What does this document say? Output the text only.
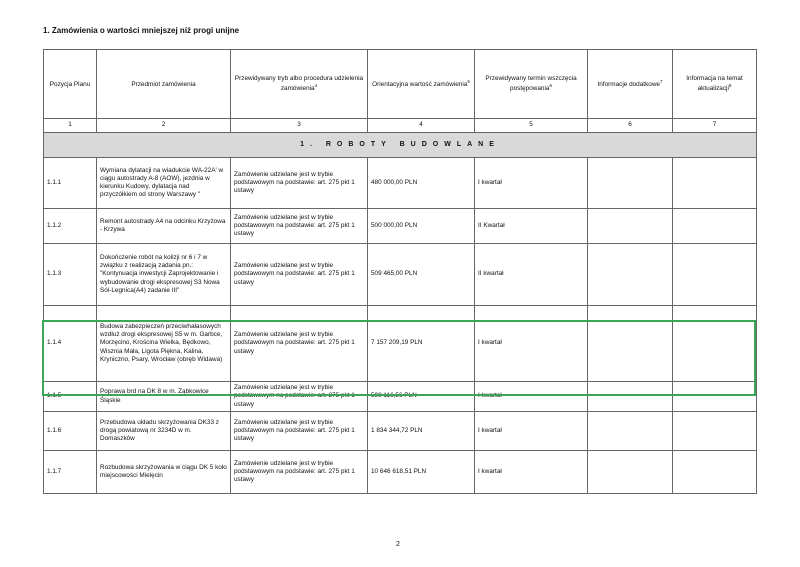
1. Zamówienia o wartości mniejszej niż progi unijne
Pozycja Planu	Przedmiot zamówienia	Przewidywany tryb albo procedura udzielenia zamówienia$^4$	Orientacyjna wartość zamówienia$^5$	Przewidywany termin wszczęcia postępowania$^6$	Informacje dodatkowe$^7$	Informacja na temat aktualizacji$^8$
1	2	3	4	5	6	7
1. ROBOTY BUDOWLANE						
1.1.1	Wymiana dylatacji na wiadukcie WA-22A' w ciągu autostrady A-8 (AOW), jezdnia w kierunku Kudowy, dylatacja nad przyczółkiem od strony Warszawy "	Zamówienie udzielane jest w trybie podstawowym na podstawie: art. 275 pkt 1 ustawy	480 000,00 PLN	I kwartał		
1.1.2	Remont autostrady A4 na odcinku Krzyżowa - Krzywa	Zamówienie udzielane jest w trybie podstawowym na podstawie: art. 275 pkt 1 ustawy	500 000,00 PLN	II Kwartał		
1.1.3	Dokończenie robót na kolizji nr 6 i 7 w związku z realizacją zadania pn.: "Kontynuacja inwestycji Zaprojektowanie i wybudowanie drogi ekspresowej S3 Nowa Sól-Legnica(A4) zadanie III"	Zamówienie udzielane jest w trybie podstawowym na podstawie: art. 275 pkt 1 ustawy	509 465,00 PLN	II kwartał		
1.1.4	Budowa zabezpieczeń przeciwhałasowych wzdłuż drogi ekspresowej S5 w m. Garbce, Morzęcino, Krościna Wielka, Będkowo, Wisznia Mała, Ligota Piękna, Kalina, Kryniczno, Psary, Wrocław (obręb Widawa)	Zamówienie udzielane jest w trybie podstawowym na podstawie: art. 275 pkt 1 ustawy	7 157 209,19 PLN	I kwartał		
1.1.5	Poprawa brd na DK 8 w m. Ząbkowice Śląskie	Zamówienie udzielane jest w trybie podstawowym na podstawie: art. 275 pkt 1 ustawy	598 116,56 PLN	I kwartał		
1.1.6	Przebudowa układu skrzyżowania DK33 z drogą powiatową nr 3234D w m. Domaszków	Zamówienie udzielane jest w trybie podstawowym na podstawie: art. 275 pkt 1 ustawy	1 834 344,72 PLN	I kwartał		
1.1.7	Rozbudowa skrzyżowania w ciągu DK 5 koło miejscowości Mielęcin	Zamówienie udzielane jest w trybie podstawowym na podstawie: art. 275 pkt 1 ustawy	10 646 618,51 PLN	I kwartał		
2
